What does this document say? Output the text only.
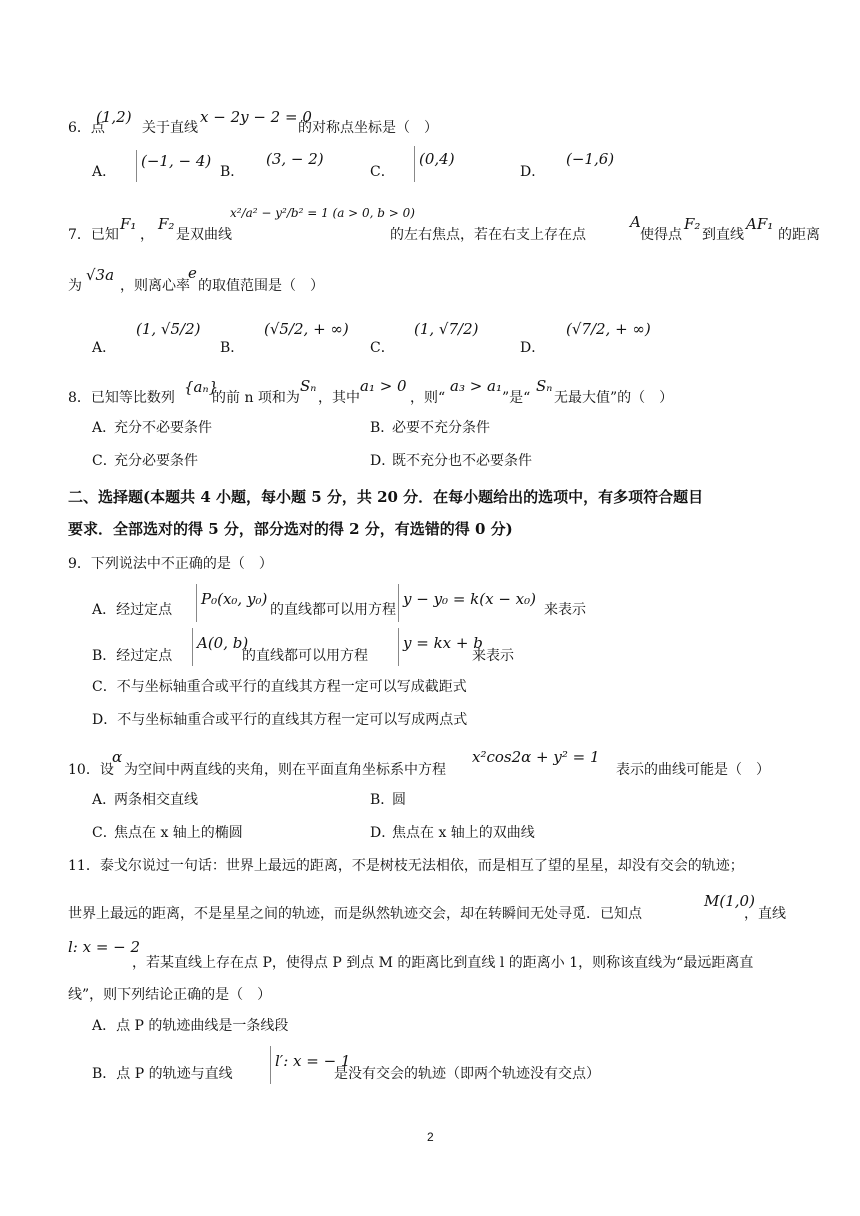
6．点
(1,2)
关于直线
x − 2y − 2 = 0
的对称点坐标是（　）
A．
(−1, − 4)
B．
(3, − 2)
C．
(0,4)
D．
(−1,6)
7．已知
F₁
，
F₂
是双曲线
x²/a² − y²/b² = 1 (a > 0, b > 0)
的左右焦点，若在右支上存在点
A
使得点
F₂
到直线
AF₁
的距离
为
√3a
，则离心率
e
的取值范围是（　）
A．
(1, √5/2)
B．
(√5/2, + ∞)
C．
(1, √7/2)
D．
(√7/2, + ∞)
8．已知等比数列
{aₙ}
的前 n 项和为
Sₙ
，其中
a₁ > 0
，则“
a₃ > a₁
”是“
Sₙ
无最大值”的（　）
A．
充分不必要条件	B．
必要不充分条件
C．
充分必要条件	D．
既不充分也不必要条件
二、选择题(本题共 4 小题，每小题 5 分，共 20 分．在每小题给出的选项中，有多项符合题目
要求．全部选对的得 5 分，部分选对的得 2 分，有选错的得 0 分)
9．下列说法中不正确的是（　）
A．经过定点
P₀(x₀, y₀)
的直线都可以用方程
y − y₀ = k(x − x₀)
来表示
B．经过定点
A(0, b)
的直线都可以用方程
y = kx + b
来表示
C．不与坐标轴重合或平行的直线其方程一定可以写成截距式
D．不与坐标轴重合或平行的直线其方程一定可以写成两点式
10．设
α
为空间中两直线的夹角，则在平面直角坐标系中方程
x²cos2α + y² = 1
表示的曲线可能是（　）
A．
两条相交直线	B．
圆
C．
焦点在 x 轴上的椭圆	D．
焦点在 x 轴上的双曲线
11．泰戈尔说过一句话：世界上最远的距离，不是树枝无法相依，而是相互了望的星星，却没有交会的轨迹；
世界上最远的距离，不是星星之间的轨迹，而是纵然轨迹交会，却在转瞬间无处寻觅．已知点
M(1,0)
，直线
l: x = − 2
，若某直线上存在点 P，使得点 P 到点 M 的距离比到直线 l 的距离小 1，则称该直线为“最远距离直
线”，则下列结论正确的是（　）
A．点 P 的轨迹曲线是一条线段
B．点 P 的轨迹与直线
l′: x = − 1
是没有交会的轨迹（即两个轨迹没有交点）
2
